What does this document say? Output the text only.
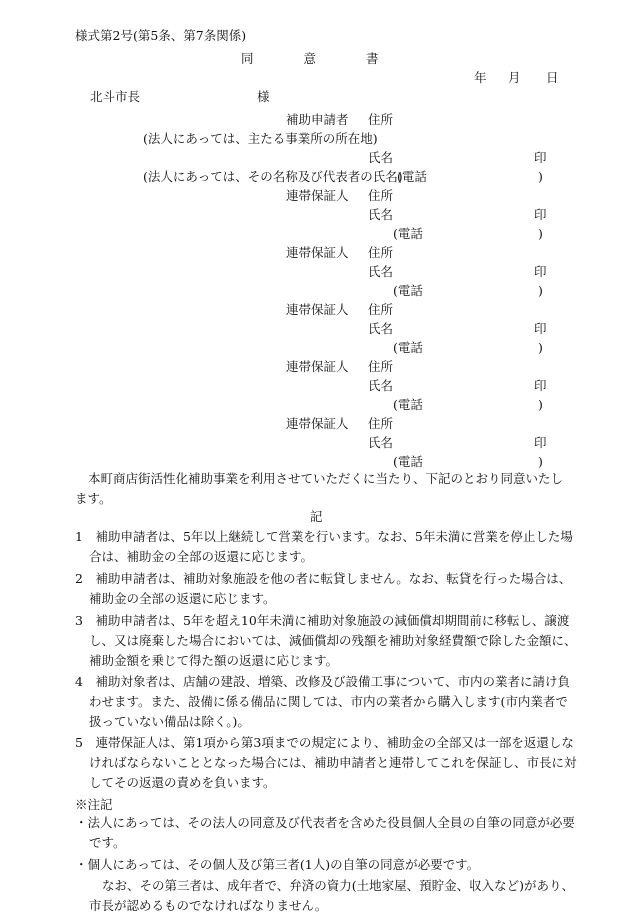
様式第2号(第5条、第7条関係)
同　　　　意　　　　書
年 月 日
北斗市長	様
補助申請者 住所
(法人にあっては、主たる事業所の所在地)
氏名	印
(法人にあっては、その名称及び代表者の氏名)
(電話	)
連帯保証人 住所
氏名	印
(電話	)
連帯保証人 住所
氏名	印
(電話	)
連帯保証人 住所
氏名	印
(電話	)
連帯保証人 住所
氏名	印
(電話	)
連帯保証人 住所
氏名	印
(電話	)
本町商店街活性化補助事業を利用させていただくに当たり、下記のとおり同意いたします。
記
1　 補助申請者は、5年以上継続して営業を行います。なお、5年未満に営業を停止した場合は、補助金の全部の返還に応じます。
2　 補助申請者は、補助対象施設を他の者に転貸しません。なお、転貸を行った場合は、補助金の全部の返還に応じます。
3　 補助申請者は、5年を超え10年未満に補助対象施設の減価償却期間前に移転し、譲渡し、又は廃棄した場合においては、減価償却の残額を補助対象経費額で除した金額に、補助金額を乗じて得た額の返還に応じます。
4　 補助対象者は、店舗の建設、増築、改修及び設備工事について、市内の業者に請け負わせます。また、設備に係る備品に関しては、市内の業者から購入します(市内業者で扱っていない備品は除く。)。
5　 連帯保証人は、第1項から第3項までの規定により、補助金の全部又は一部を返還しなければならないこととなった場合には、補助申請者と連帯してこれを保証し、市長に対してその返還の責めを負います。
※注記
・法人にあっては、その法人の同意及び代表者を含めた役員個人全員の自筆の同意が必要です。
・個人にあっては、その個人及び第三者(1人)の自筆の同意が必要です。
なお、その第三者は、成年者で、弁済の資力(土地家屋、預貯金、収入など)があり、市長が認めるものでなければなりません。
